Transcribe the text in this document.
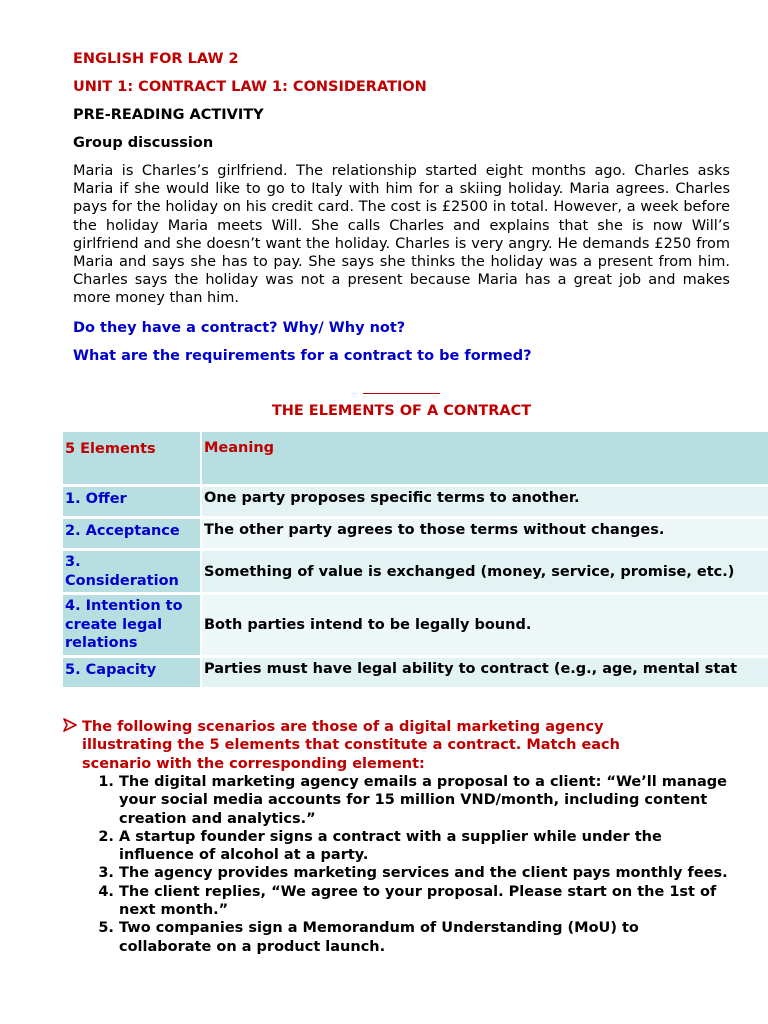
ENGLISH FOR LAW 2
UNIT 1: CONTRACT LAW 1: CONSIDERATION
PRE-READING ACTIVITY
Group discussion
Maria is Charles’s girlfriend. The relationship started eight months ago. Charles asks Maria if she would like to go to Italy with him for a skiing holiday. Maria agrees. Charles pays for the holiday on his credit card. The cost is £2500 in total. However, a week before the holiday Maria meets Will. She calls Charles and explains that she is now Will’s girlfriend and she doesn’t want the holiday. Charles is very angry. He demands £250 from Maria and says she has to pay. She says she thinks the holiday was a present from him. Charles says the holiday was not a present because Maria has a great job and makes more money than him.
Do they have a contract? Why/ Why not?
What are the requirements for a contract to be formed?
THE ELEMENTS OF A CONTRACT
5 Elements	Meaning
1. Offer	One party proposes specific terms to another.
2. Acceptance	The other party agrees to those terms without changes.
3. Consideration	Something of value is exchanged (money, service, promise, etc.)
4. Intention to create legal relations	Both parties intend to be legally bound.
5. Capacity	Parties must have legal ability to contract (e.g., age, mental stat
The following scenarios are those of a digital marketing agency illustrating the 5 elements that constitute a contract. Match each scenario with the corresponding element:
1. The digital marketing agency emails a proposal to a client: “We’ll manage your social media accounts for 15 million VND/month, including content creation and analytics.”
2. A startup founder signs a contract with a supplier while under the influence of alcohol at a party.
3. The agency provides marketing services and the client pays monthly fees.
4. The client replies, “We agree to your proposal. Please start on the 1st of next month.”
5. Two companies sign a Memorandum of Understanding (MoU) to collaborate on a product launch.
